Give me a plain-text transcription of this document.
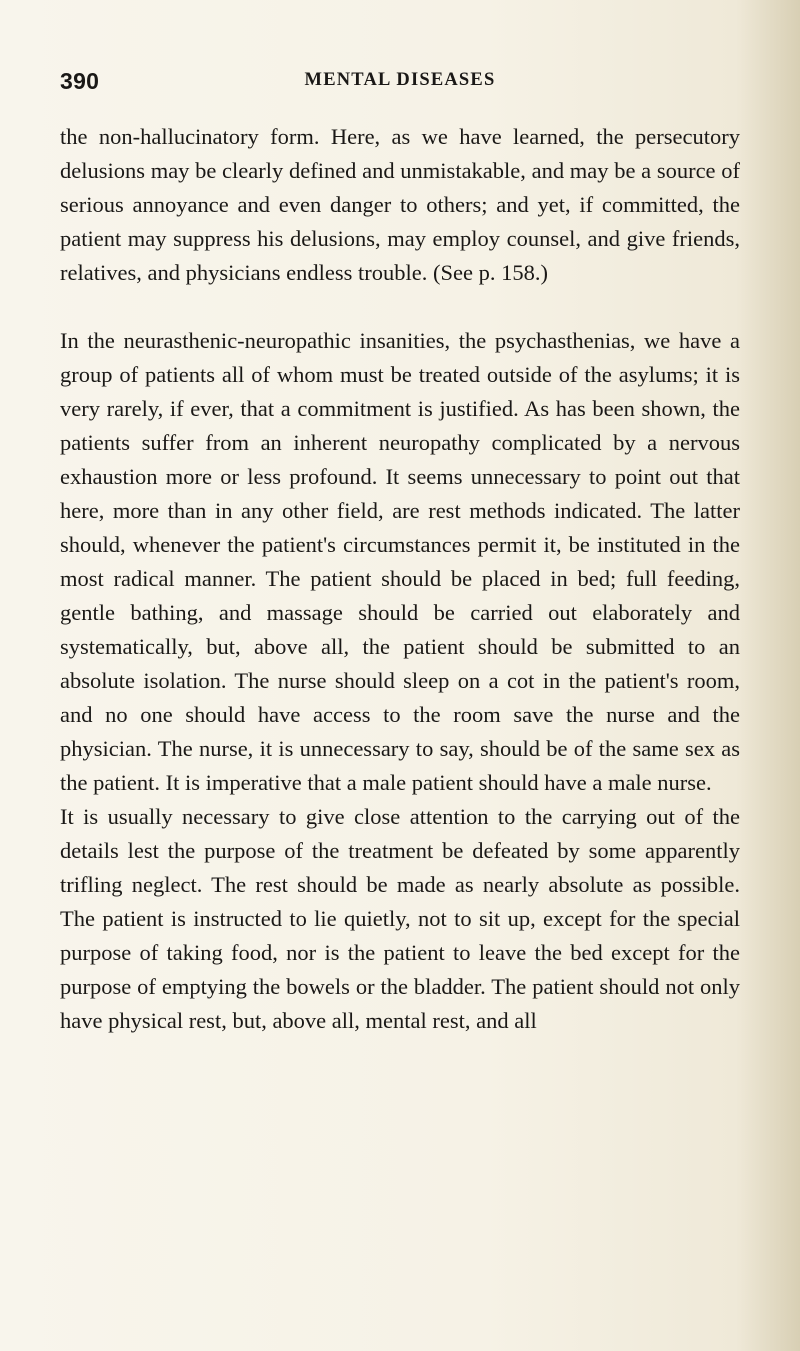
390	MENTAL DISEASES

the non-hallucinatory form. Here, as we have learned, the persecutory delusions may be clearly defined and unmistakable, and may be a source of serious annoyance and even danger to others; and yet, if committed, the patient may suppress his delusions, may employ counsel, and give friends, relatives, and physicians endless trouble. (See p. 158.)

In the neurasthenic-neuropathic insanities, the psychasthenias, we have a group of patients all of whom must be treated outside of the asylums; it is very rarely, if ever, that a commitment is justified. As has been shown, the patients suffer from an inherent neuropathy complicated by a nervous exhaustion more or less profound. It seems unnecessary to point out that here, more than in any other field, are rest methods indicated. The latter should, whenever the patient's circumstances permit it, be instituted in the most radical manner. The patient should be placed in bed; full feeding, gentle bathing, and massage should be carried out elaborately and systematically, but, above all, the patient should be submitted to an absolute isolation. The nurse should sleep on a cot in the patient's room, and no one should have access to the room save the nurse and the physician. The nurse, it is unnecessary to say, should be of the same sex as the patient. It is imperative that a male patient should have a male nurse.

It is usually necessary to give close attention to the carrying out of the details lest the purpose of the treatment be defeated by some apparently trifling neglect. The rest should be made as nearly absolute as possible. The patient is instructed to lie quietly, not to sit up, except for the special purpose of taking food, nor is the patient to leave the bed except for the purpose of emptying the bowels or the bladder. The patient should not only have physical rest, but, above all, mental rest, and all
